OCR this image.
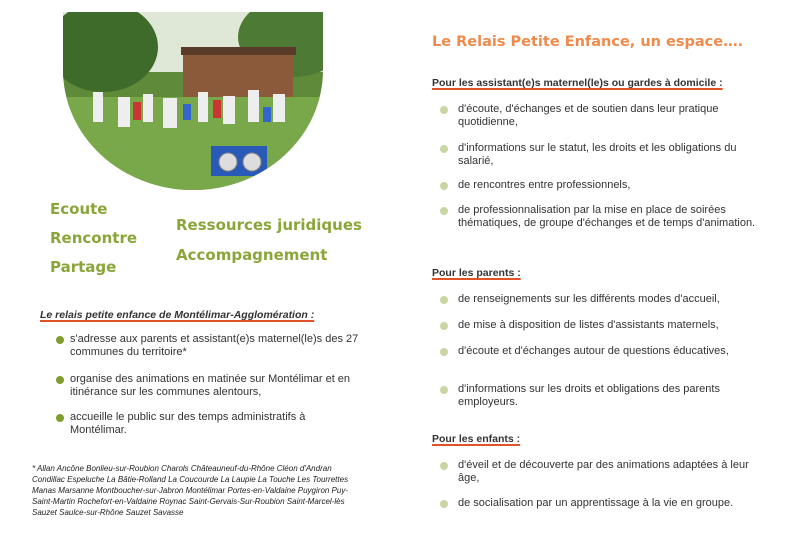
Ecoute
Rencontre
Partage
Ressources juridiques
Accompagnement
Le relais petite enfance de Montélimar-Agglomération :
s'adresse aux parents et assistant(e)s maternel(le)s des 27 communes du territoire*
organise des animations en matinée sur Montélimar et en itinérance sur les communes alentours,
accueille le public sur des temps administratifs à Montélimar.
* Allan Ancône Bonlieu-sur-Roubion Charols Châteauneuf-du-Rhône Cléon d'Andran Condillac Espeluche La Bâtie-Rolland La Coucourde La Laupie La Touche Les Tourrettes Manas Marsanne Montboucher-sur-Jabron Montélimar Portes-en-Valdaine Puygiron Puy-Saint-Martin Rochefort-en-Valdaine Roynac Saint-Gervais-Sur-Roubion Saint-Marcel-lès Sauzet Saulce-sur-Rhône Sauzet Savasse
Le Relais Petite Enfance, un espace….
Pour les assistant(e)s maternel(le)s ou gardes à domicile :
d'écoute, d'échanges et de soutien dans leur pratique quotidienne,
d'informations sur le statut, les droits et les obligations du salarié,
de rencontres entre professionnels,
de professionnalisation par la mise en place de soirées thématiques, de groupe d'échanges et de temps d'animation.
Pour les parents :
de renseignements sur les différents modes d'accueil,
de mise à disposition de listes d'assistants maternels,
d'écoute et d'échanges autour de questions éducatives,
d'informations sur les droits et obligations des parents employeurs.
Pour les enfants :
d'éveil et de découverte par des animations adaptées à leur âge,
de socialisation par un apprentissage à la vie en groupe.
